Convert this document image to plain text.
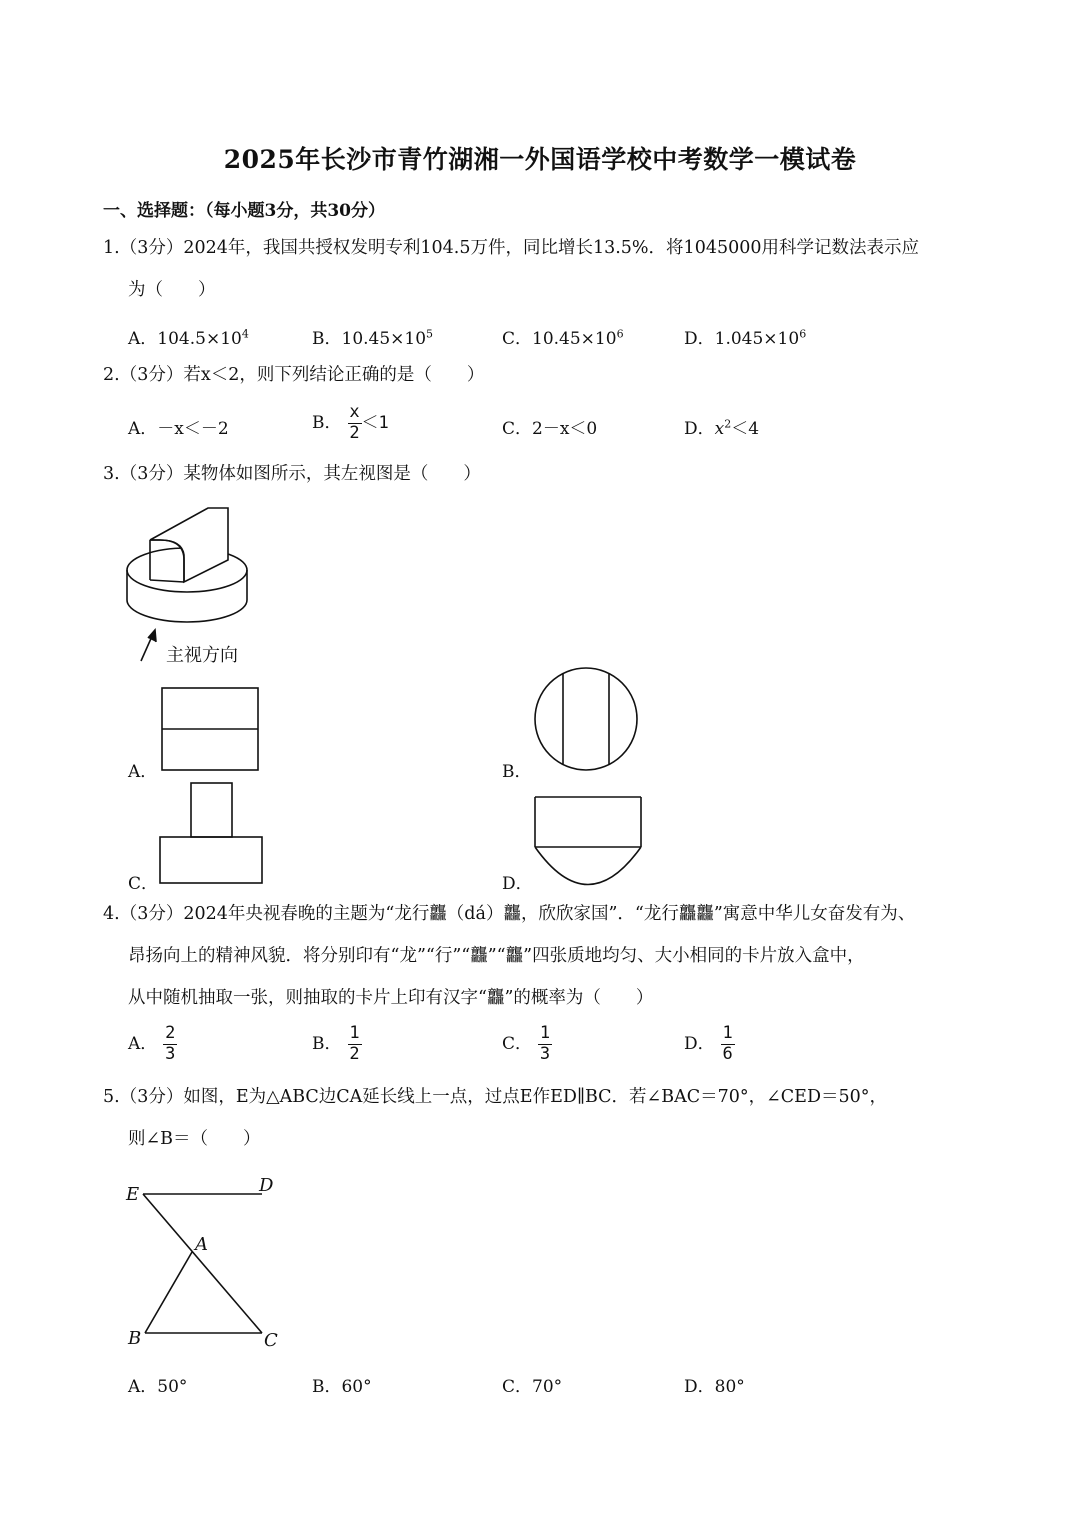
2025年长沙市青竹湖湘一外国语学校中考数学一模试卷
一、选择题：（每小题3分，共30分）
1.（3分）2024年，我国共授权发明专利104.5万件，同比增长13.5%．将1045000用科学记数法表示应
为（　　）
A．$104.5\times 10^4$	B．$10.45\times 10^5$	C．$10.45\times 10^6$	D．$1.045\times 10^6$
2.（3分）若x＜2，则下列结论正确的是（　　）
A．－x＜－2	B． $\frac{x}{2} <1$	C．2－x＜0	D．$x^2<4$
3.（3分）某物体如图所示，其左视图是（　　）
主视方向
A．	B．
C．	D．
4.（3分）2024年央视春晚的主题为“龙行龘（dá）龘，欣欣家国”．“龙行龘龘”寓意中华儿女奋发有为、
昂扬向上的精神风貌．将分别印有“龙”“行”“龘”“龘”四张质地均匀、大小相同的卡片放入盒中，
从中随机抽取一张，则抽取的卡片上印有汉字“龘”的概率为（　　）
A． $\frac{2}{3}$	B． $\frac{1}{2}$	C． $\frac{1}{3}$	D． $\frac{1}{6}$
5.（3分）如图，E为△ABC边CA延长线上一点，过点E作ED∥BC．若∠BAC＝70°，∠CED＝50°，
则∠B＝（　　）
E	D
A
B	C
A．50°	B．60°	C．70°	D．80°
